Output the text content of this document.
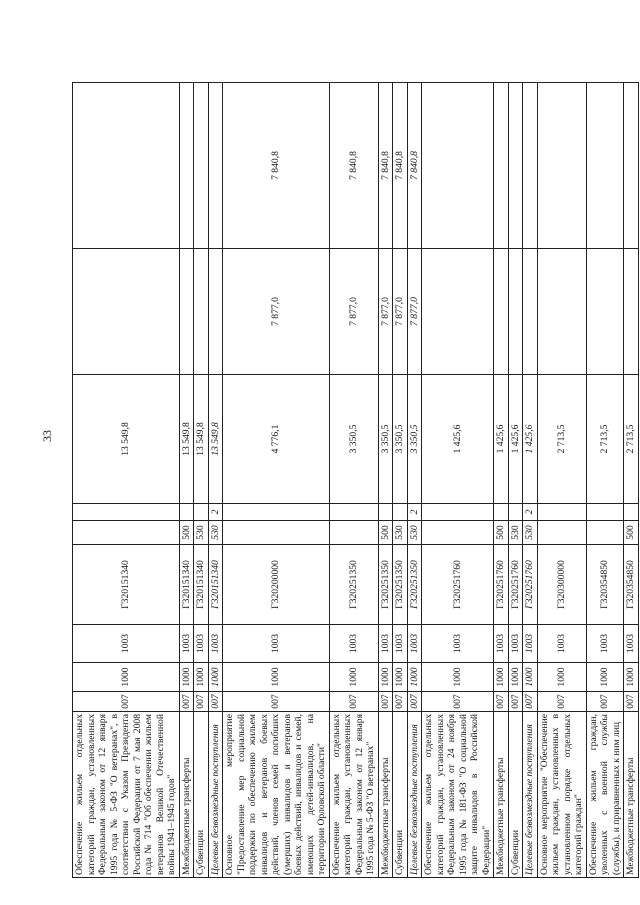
33
Обеспечение жильем отдельных категорий граждан, установленных Федеральным законом от 12 января 1995 года № 5-ФЗ "О ветеранах", в соответствии с Указом Президента Российской Федерации от 7 мая 2008 года № 714 "Об обеспечении жильем ветеранов Великой Отечественной войны 1941–1945 годов"	007	1000	1003	Г320151340			13 549,8		
Межбюджетные трансферты	007	1000	1003	Г320151340	500		13 549,8		
Субвенции	007	1000	1003	Г320151340	530		13 549,8		
Целевые безвозмездные поступления	007	1000	1003	Г320151340	530	2	13 549,8		
Основное мероприятие "Предоставление мер социальной поддержки по обеспечению жильем инвалидов и ветеранов боевых действий, членов семей погибших (умерших) инвалидов и ветеранов боевых действий, инвалидов и семей, имеющих детей-инвалидов, на территории Орловской области"	007	1000	1003	Г320200000			4 776,1	7 877,0	7 840,8
Обеспечение жильем отдельных категорий граждан, установленных Федеральным законом от 12 января 1995 года № 5-ФЗ "О ветеранах"	007	1000	1003	Г320251350			3 350,5	7 877,0	7 840,8
Межбюджетные трансферты	007	1000	1003	Г320251350	500		3 350,5	7 877,0	7 840,8
Субвенции	007	1000	1003	Г320251350	530		3 350,5	7 877,0	7 840,8
Целевые безвозмездные поступления	007	1000	1003	Г320251350	530	2	3 350,5	7 877,0	7 840,8
Обеспечение жильем отдельных категорий граждан, установленных Федеральным законом от 24 ноября 1995 года № 181-ФЗ "О социальной защите инвалидов в Российской Федерации"	007	1000	1003	Г320251760			1 425,6		
Межбюджетные трансферты	007	1000	1003	Г320251760	500		1 425,6		
Субвенции	007	1000	1003	Г320251760	530		1 425,6		
Целевые безвозмездные поступления	007	1000	1003	Г320251760	530	2	1 425,6		
Основное мероприятие "Обеспечение жильем граждан, установленных в установленном порядке отдельных категорий граждан"	007	1000	1003	Г320300000			2 713,5		
Обеспечение жильем граждан, уволенных с военной службы (службы), и приравненных к ним лиц	007	1000	1003	Г320354850			2 713,5		
Межбюджетные трансферты	007	1000	1003	Г320354850	500		2 713,5		
